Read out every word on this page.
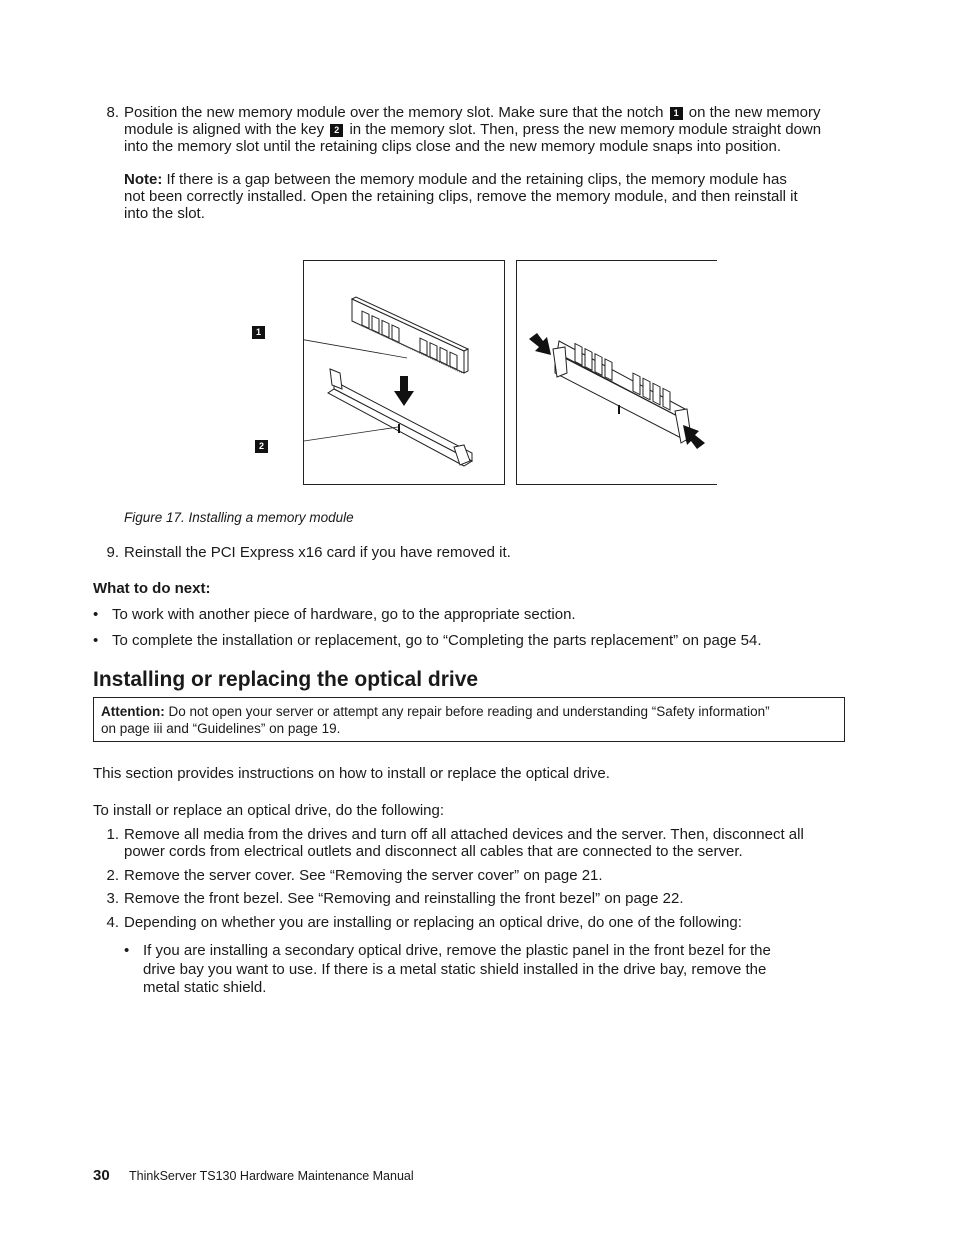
8. Position the new memory module over the memory slot. Make sure that the notch 1 on the new memory
module is aligned with the key 2 in the memory slot. Then, press the new memory module straight down
into the memory slot until the retaining clips close and the new memory module snaps into position.
Note: If there is a gap between the memory module and the retaining clips, the memory module has
not been correctly installed. Open the retaining clips, remove the memory module, and then reinstall it
into the slot.
1
2
Figure 17. Installing a memory module
9. Reinstall the PCI Express x16 card if you have removed it.
What to do next:
• To work with another piece of hardware, go to the appropriate section.
• To complete the installation or replacement, go to “Completing the parts replacement” on page 54.
Installing or replacing the optical drive
Attention: Do not open your server or attempt any repair before reading and understanding “Safety information”
on page iii and “Guidelines” on page 19.
This section provides instructions on how to install or replace the optical drive.
To install or replace an optical drive, do the following:
1. Remove all media from the drives and turn off all attached devices and the server. Then, disconnect all
power cords from electrical outlets and disconnect all cables that are connected to the server.
2. Remove the server cover. See “Removing the server cover” on page 21.
3. Remove the front bezel. See “Removing and reinstalling the front bezel” on page 22.
4. Depending on whether you are installing or replacing an optical drive, do one of the following:
• If you are installing a secondary optical drive, remove the plastic panel in the front bezel for the
drive bay you want to use. If there is a metal static shield installed in the drive bay, remove the
metal static shield.
30 ThinkServer TS130 Hardware Maintenance Manual
